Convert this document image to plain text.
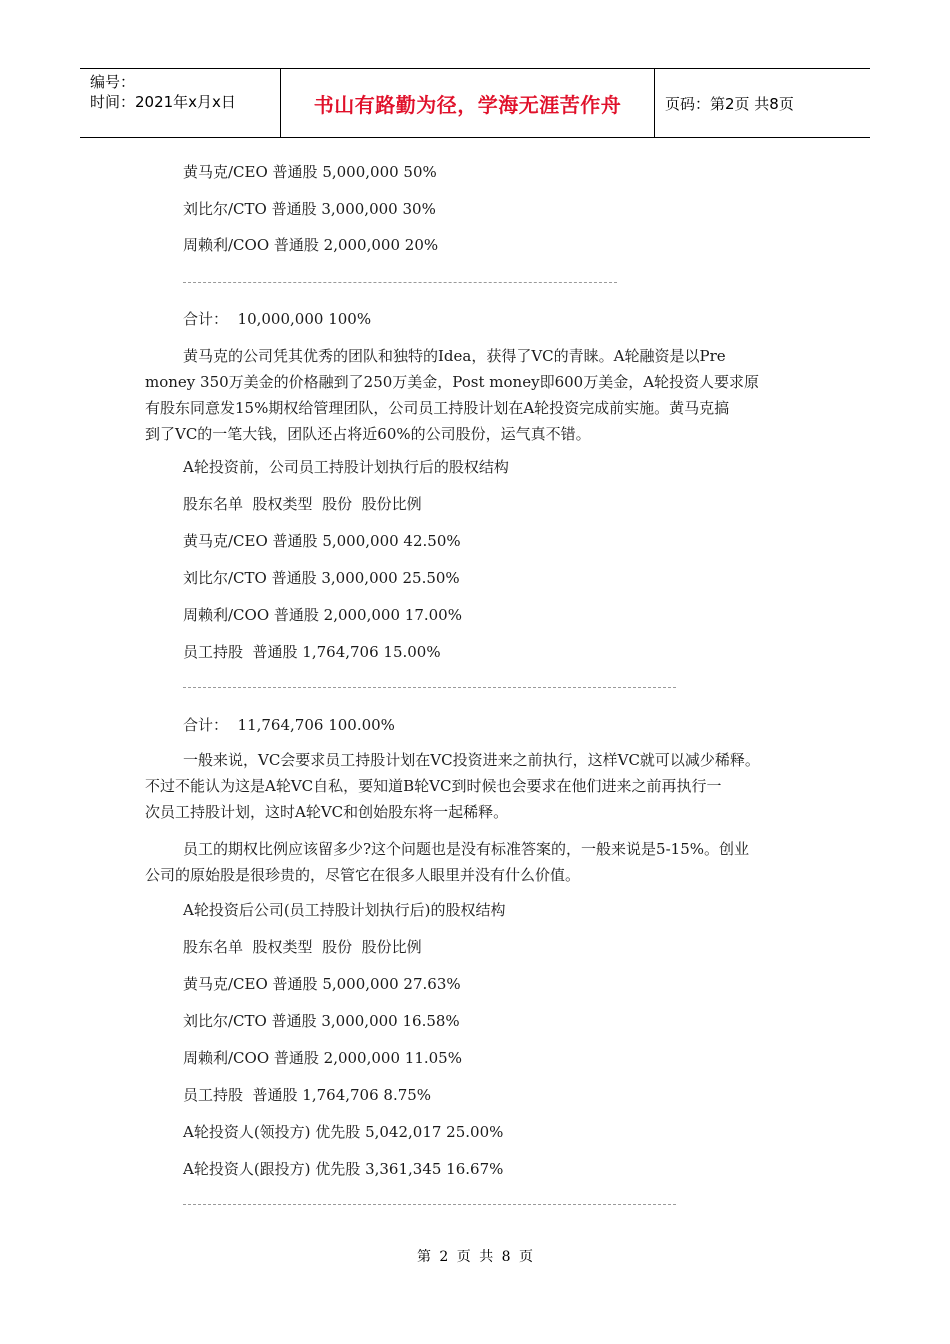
编号：
时间：2021年x月x日	书山有路勤为径，学海无涯苦作舟	页码：第2页 共8页
黄马克/CEO 普通股 5,000,000 50%
刘比尔/CTO 普通股 3,000,000 30%
周赖利/COO 普通股 2,000,000 20%
合计：  10,000,000 100%
黄马克的公司凭其优秀的团队和独特的Idea，获得了VC的青睐。A轮融资是以Pre
money 350万美金的价格融到了250万美金，Post money即600万美金，A轮投资人要求原
有股东同意发15%期权给管理团队，公司员工持股计划在A轮投资完成前实施。黄马克搞
到了VC的一笔大钱，团队还占将近60%的公司股份，运气真不错。
A轮投资前，公司员工持股计划执行后的股权结构
股东名单  股权类型  股份  股份比例
黄马克/CEO 普通股 5,000,000 42.50%
刘比尔/CTO 普通股 3,000,000 25.50%
周赖利/COO 普通股 2,000,000 17.00%
员工持股  普通股 1,764,706 15.00%
合计：  11,764,706 100.00%
一般来说，VC会要求员工持股计划在VC投资进来之前执行，这样VC就可以减少稀释。
不过不能认为这是A轮VC自私，要知道B轮VC到时候也会要求在他们进来之前再执行一
次员工持股计划，这时A轮VC和创始股东将一起稀释。
员工的期权比例应该留多少?这个问题也是没有标准答案的，一般来说是5-15%。创业
公司的原始股是很珍贵的，尽管它在很多人眼里并没有什么价值。
A轮投资后公司(员工持股计划执行后)的股权结构
股东名单  股权类型  股份  股份比例
黄马克/CEO 普通股 5,000,000 27.63%
刘比尔/CTO 普通股 3,000,000 16.58%
周赖利/COO 普通股 2,000,000 11.05%
员工持股  普通股 1,764,706 8.75%
A轮投资人(领投方) 优先股 5,042,017 25.00%
A轮投资人(跟投方) 优先股 3,361,345 16.67%
第 2 页 共 8 页
